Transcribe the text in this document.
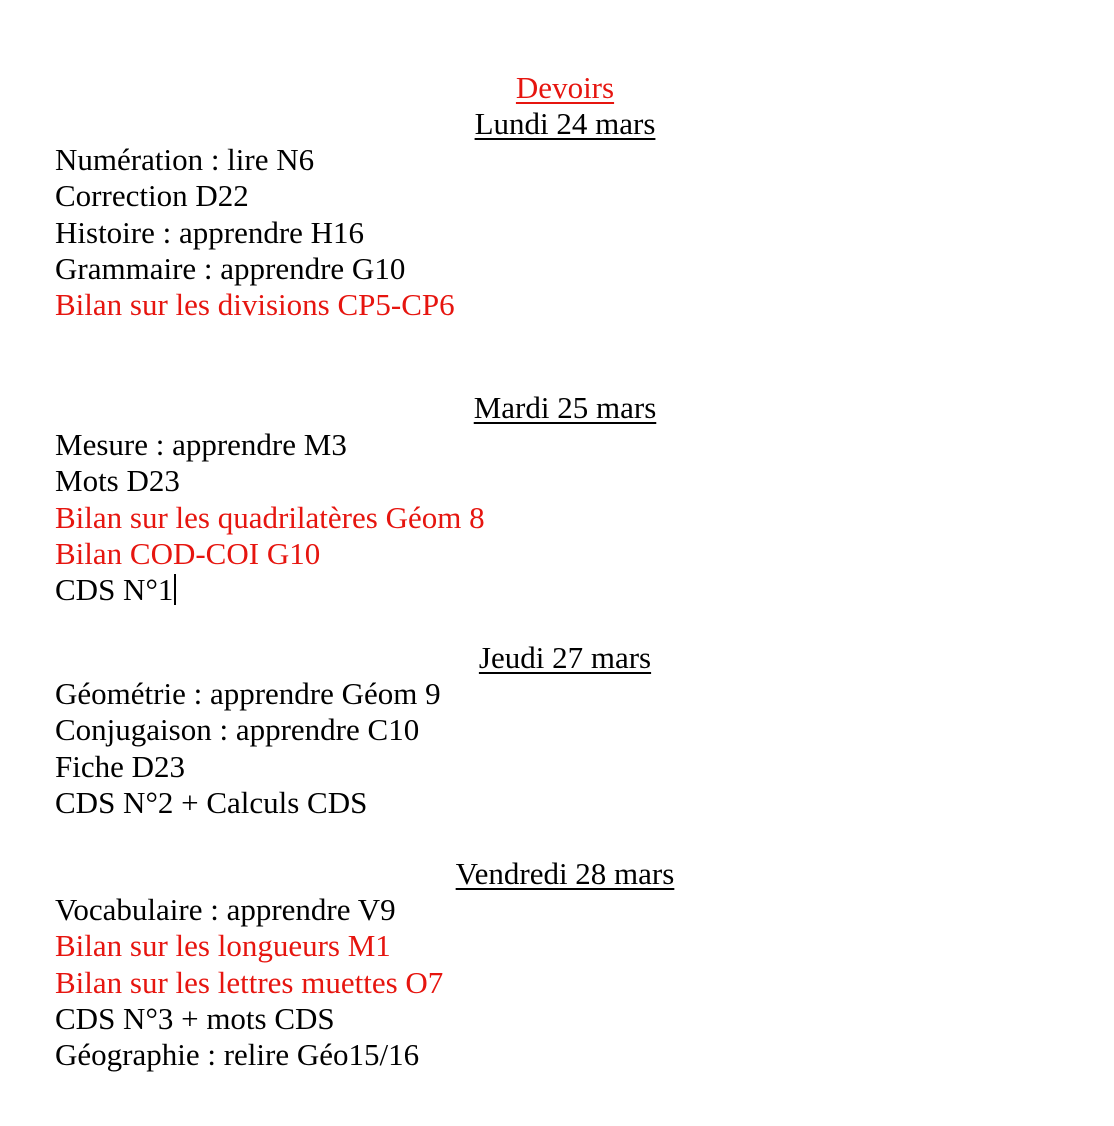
Devoirs
Lundi 24 mars
Numération : lire N6
Correction D22
Histoire : apprendre H16
Grammaire : apprendre G10
Bilan sur les divisions CP5-CP6
Mardi 25 mars
Mesure : apprendre M3
Mots D23
Bilan sur les quadrilatères Géom 8
Bilan COD-COI G10
CDS N°1
Jeudi 27 mars
Géométrie : apprendre Géom 9
Conjugaison : apprendre C10
Fiche D23
CDS N°2 + Calculs CDS
Vendredi 28 mars
Vocabulaire : apprendre V9
Bilan sur les longueurs M1
Bilan sur les lettres muettes O7
CDS N°3 + mots CDS
Géographie : relire Géo15/16
